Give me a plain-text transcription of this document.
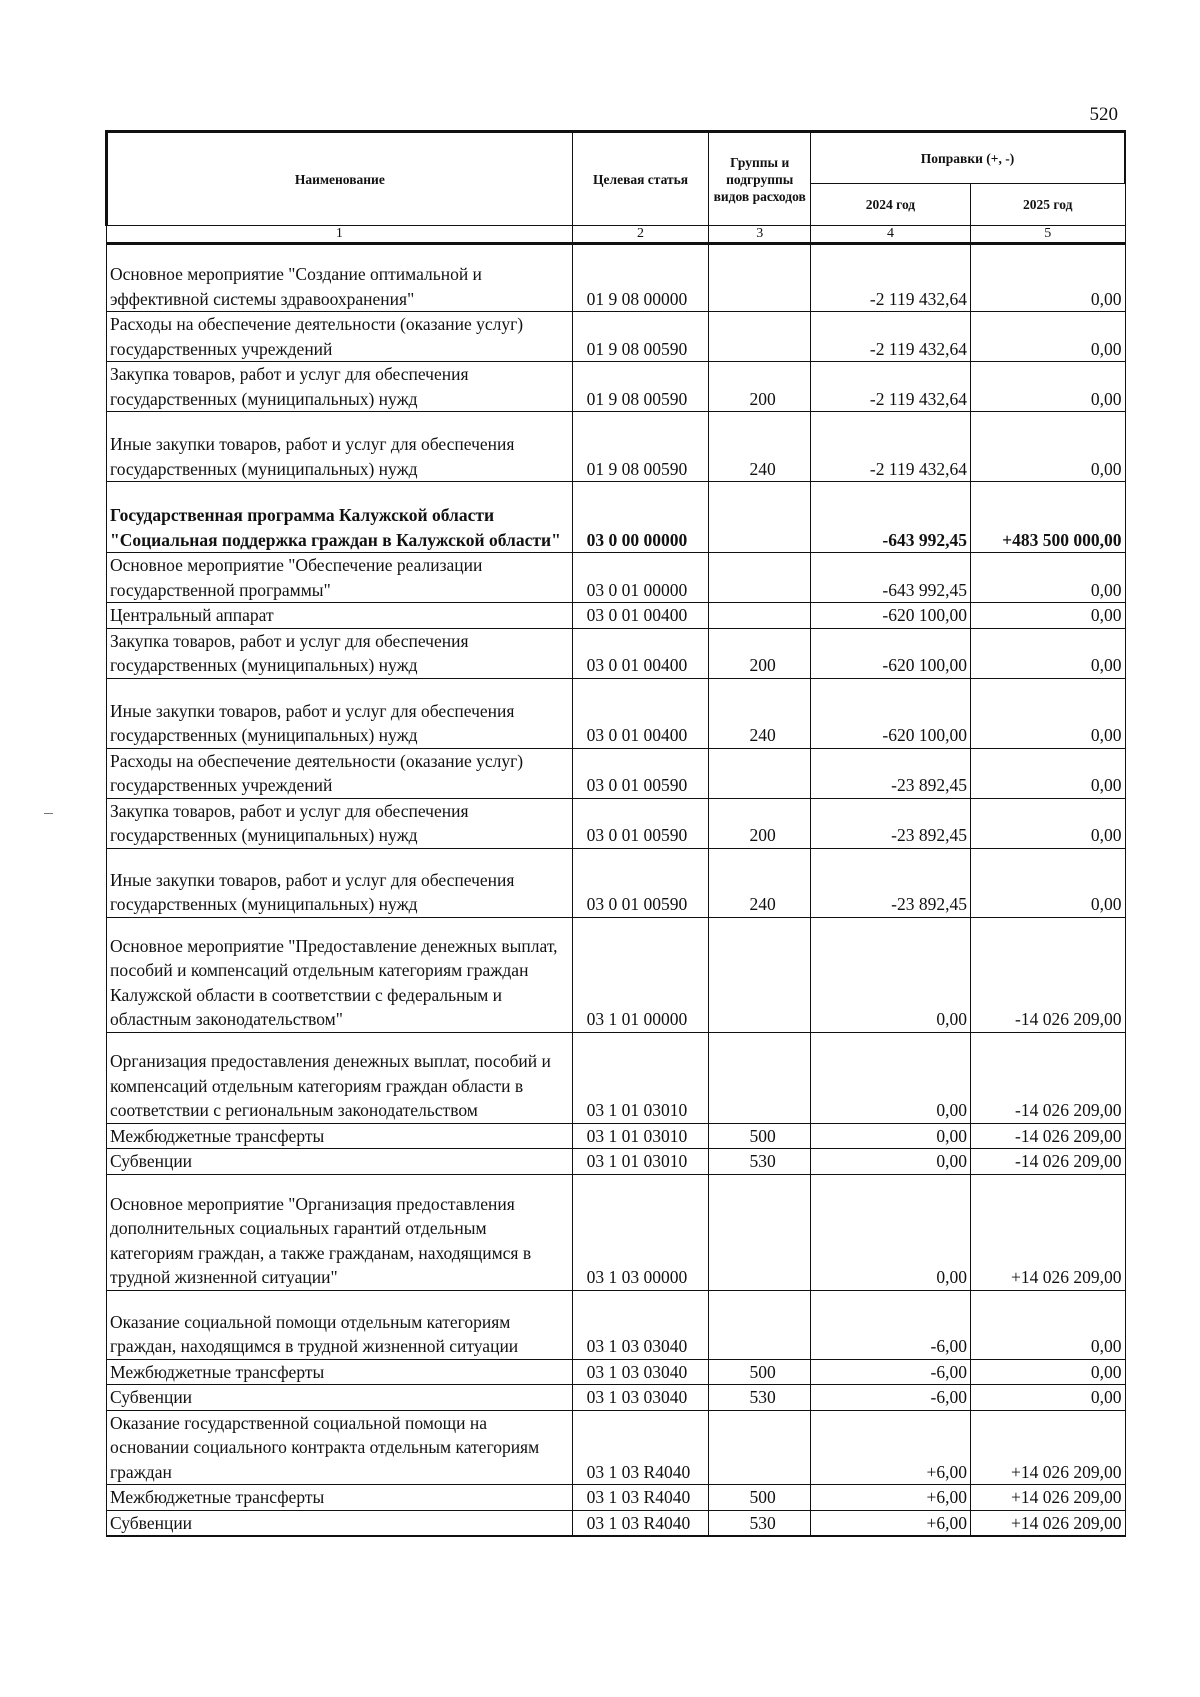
520
Наименование	Целевая статья	Группы и подгруппы видов расходов	Поправки (+, -)	
			2024 год	2025 год
1	2	3	4	5
Основное мероприятие "Создание оптимальной и эффективной системы здравоохранения"	01 9 08 00000		-2 119 432,64	0,00
Расходы на обеспечение деятельности (оказание услуг) государственных учреждений	01 9 08 00590		-2 119 432,64	0,00
Закупка товаров, работ и услуг для обеспечения государственных (муниципальных) нужд	01 9 08 00590	200	-2 119 432,64	0,00
Иные закупки товаров, работ и услуг для обеспечения государственных (муниципальных) нужд	01 9 08 00590	240	-2 119 432,64	0,00
Государственная программа Калужской области "Социальная поддержка граждан в Калужской области"	03 0 00 00000		-643 992,45	+483 500 000,00
Основное мероприятие "Обеспечение реализации государственной программы"	03 0 01 00000		-643 992,45	0,00
Центральный аппарат	03 0 01 00400		-620 100,00	0,00
Закупка товаров, работ и услуг для обеспечения государственных (муниципальных) нужд	03 0 01 00400	200	-620 100,00	0,00
Иные закупки товаров, работ и услуг для обеспечения государственных (муниципальных) нужд	03 0 01 00400	240	-620 100,00	0,00
Расходы на обеспечение деятельности (оказание услуг) государственных учреждений	03 0 01 00590		-23 892,45	0,00
Закупка товаров, работ и услуг для обеспечения государственных (муниципальных) нужд	03 0 01 00590	200	-23 892,45	0,00
Иные закупки товаров, работ и услуг для обеспечения государственных (муниципальных) нужд	03 0 01 00590	240	-23 892,45	0,00
Основное мероприятие "Предоставление денежных выплат, пособий и компенсаций отдельным категориям граждан Калужской области в соответствии с федеральным и областным законодательством"	03 1 01 00000		0,00	-14 026 209,00
Организация предоставления денежных выплат, пособий и компенсаций отдельным категориям граждан области в соответствии с региональным законодательством	03 1 01 03010		0,00	-14 026 209,00
Межбюджетные трансферты	03 1 01 03010	500	0,00	-14 026 209,00
Субвенции	03 1 01 03010	530	0,00	-14 026 209,00
Основное мероприятие "Организация предоставления дополнительных социальных гарантий отдельным категориям граждан, а также гражданам, находящимся в трудной жизненной ситуации"	03 1 03 00000		0,00	+14 026 209,00
Оказание социальной помощи отдельным категориям граждан, находящимся в трудной жизненной ситуации	03 1 03 03040		-6,00	0,00
Межбюджетные трансферты	03 1 03 03040	500	-6,00	0,00
Субвенции	03 1 03 03040	530	-6,00	0,00
Оказание государственной социальной помощи на основании социального контракта отдельным категориям граждан	03 1 03 R4040		+6,00	+14 026 209,00
Межбюджетные трансферты	03 1 03 R4040	500	+6,00	+14 026 209,00
Субвенции	03 1 03 R4040	530	+6,00	+14 026 209,00
